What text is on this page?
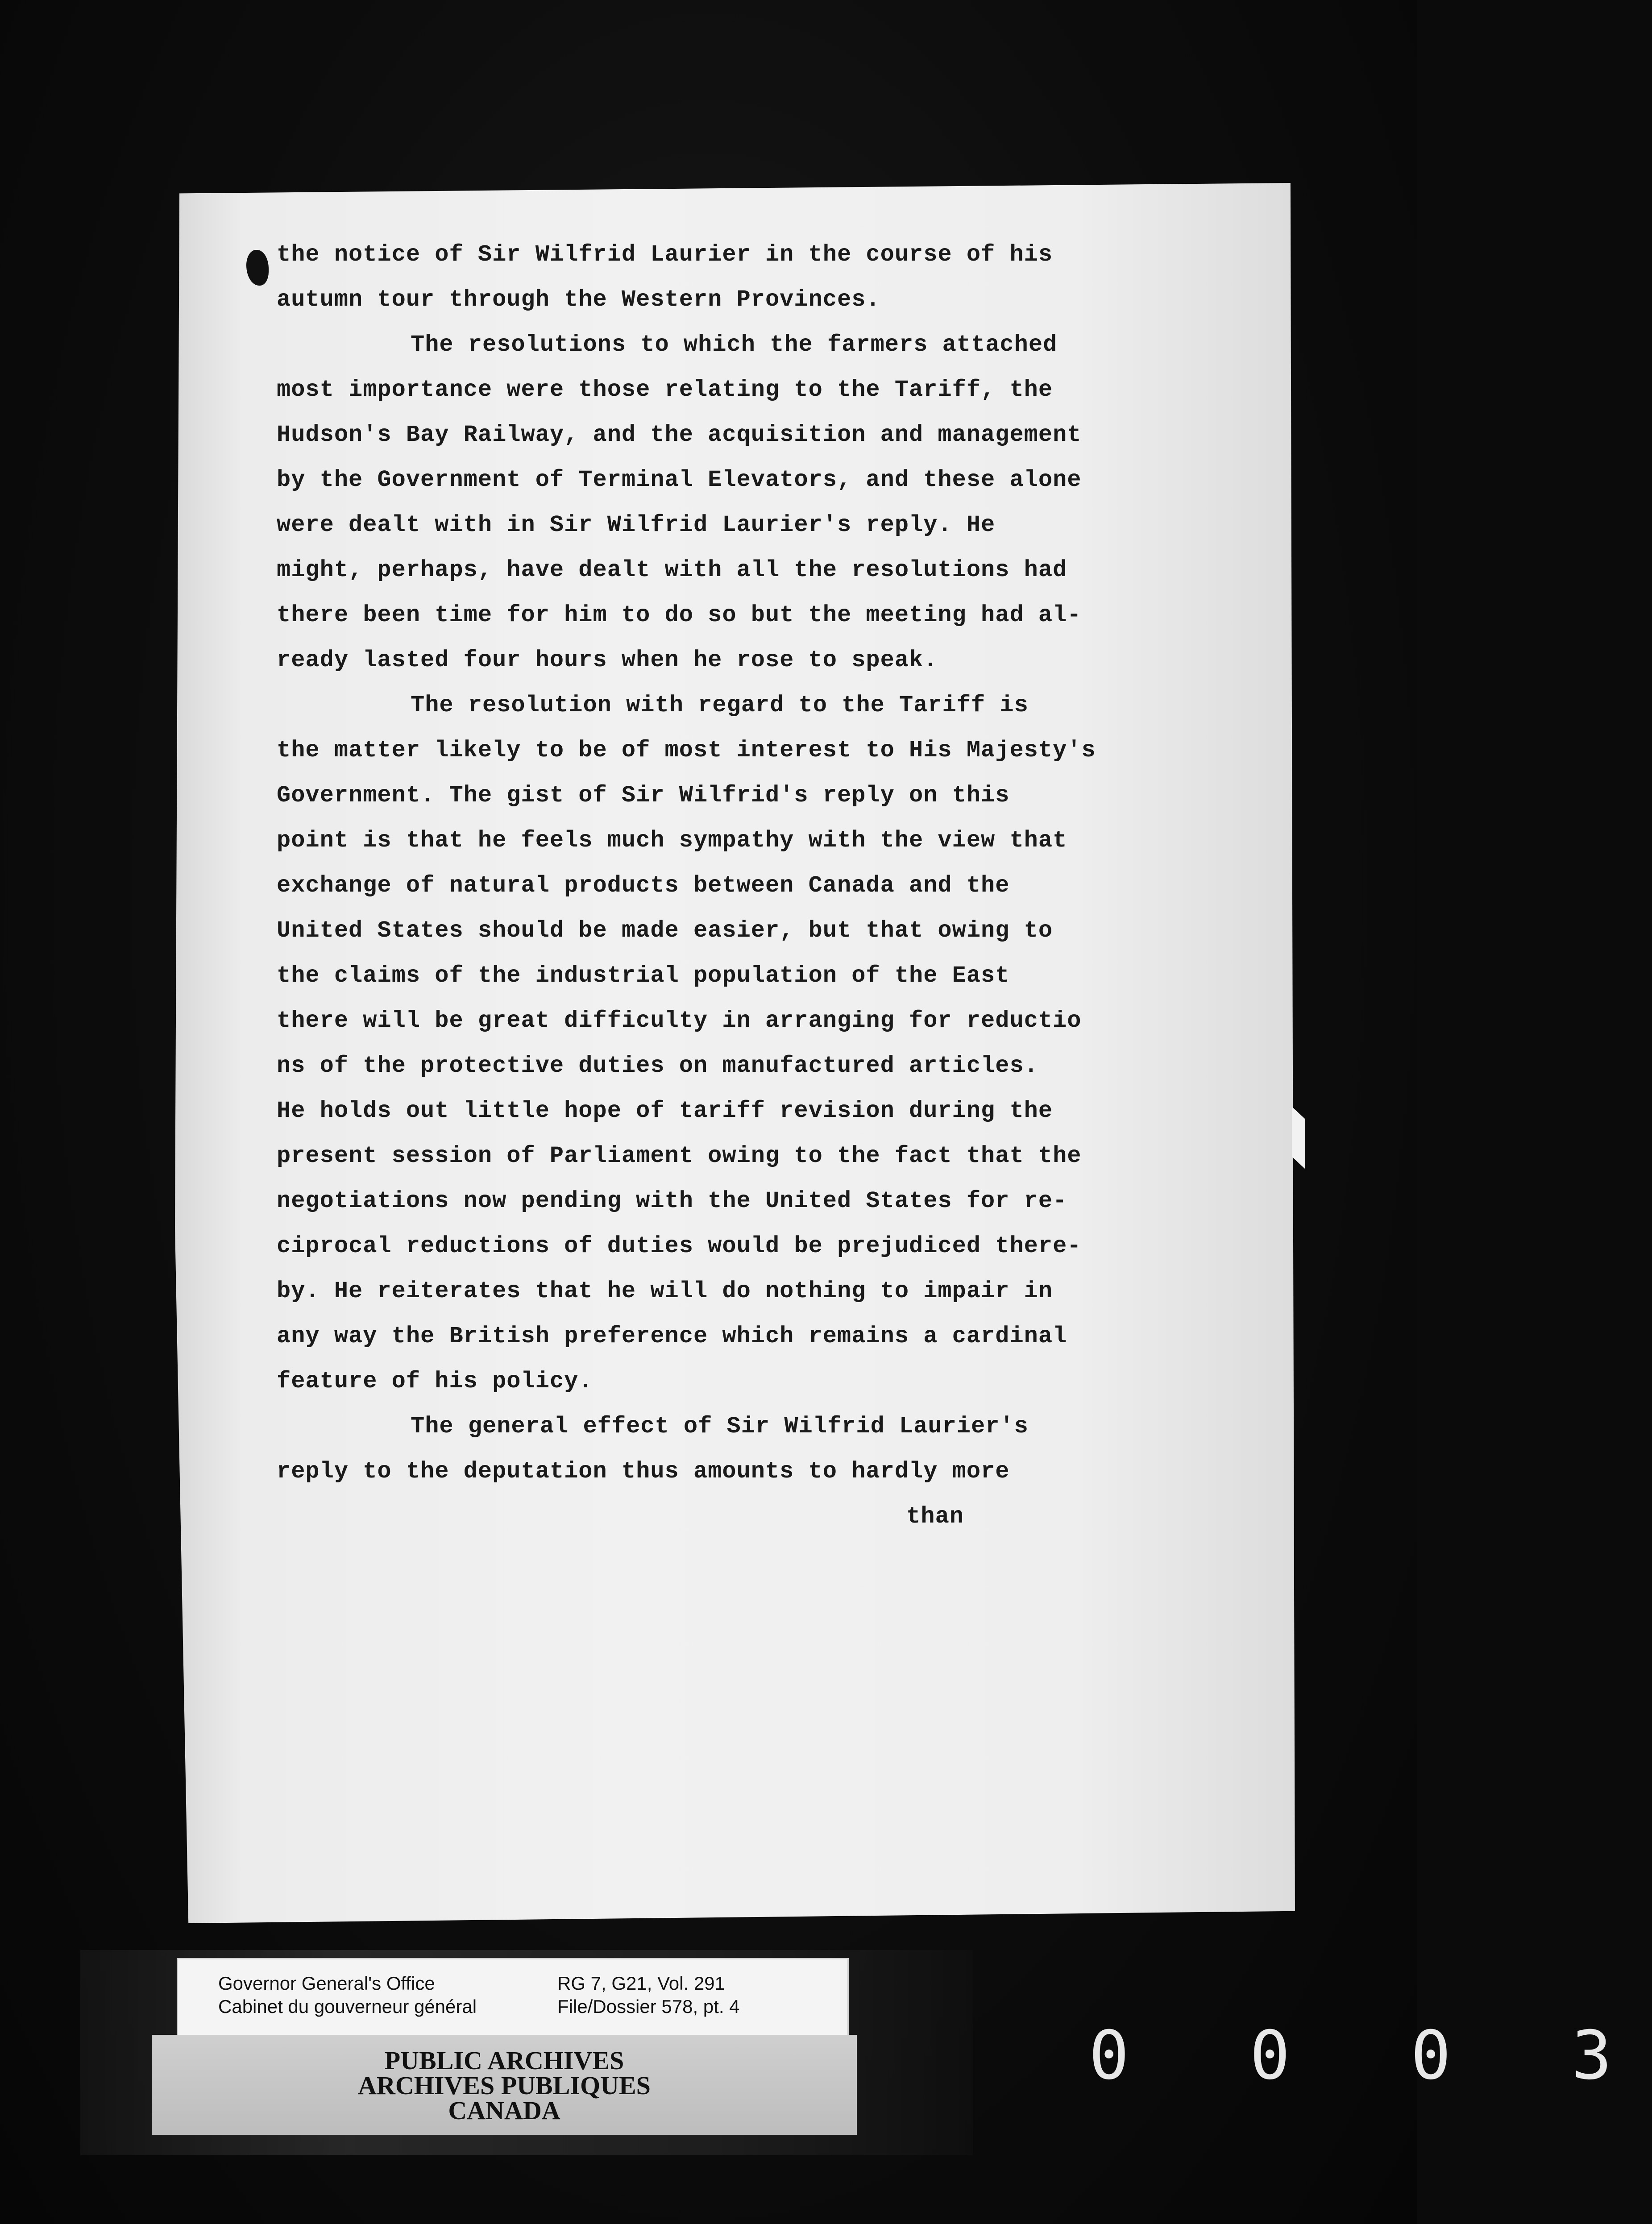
the notice of Sir Wilfrid Laurier in the course of his
autumn tour through the Western Provinces.
The resolutions to which the farmers attached
most importance were those relating to the Tariff, the
Hudson's Bay Railway, and the acquisition and management
by the Government of Terminal Elevators, and these alone
were dealt with in Sir Wilfrid Laurier's reply. He
might, perhaps, have dealt with all the resolutions had
there been time for him to do so but the meeting had al-
ready lasted four hours when he rose to speak.
The resolution with regard to the Tariff is
the matter likely to be of most interest to His Majesty's
Government. The gist of Sir Wilfrid's reply on this
point is that he feels much sympathy with the view that
exchange of natural products between Canada and the
United States should be made easier, but that owing to
the claims of the industrial population of the East
there will be great difficulty in arranging for reductio
ns of the protective duties on manufactured articles.
He holds out little hope of tariff revision during the
present session of Parliament owing to the fact that the
negotiations now pending with the United States for re-
ciprocal reductions of duties would be prejudiced there-
by. He reiterates that he will do nothing to impair in
any way the British preference which remains a cardinal
feature of his policy.
The general effect of Sir Wilfrid Laurier's
reply to the deputation thus amounts to hardly more
than
Governor General's Office
Cabinet du gouverneur général
RG 7, G21, Vol. 291
File/Dossier 578, pt. 4
PUBLIC ARCHIVES
ARCHIVES PUBLIQUES
CANADA
0 0 0 3
